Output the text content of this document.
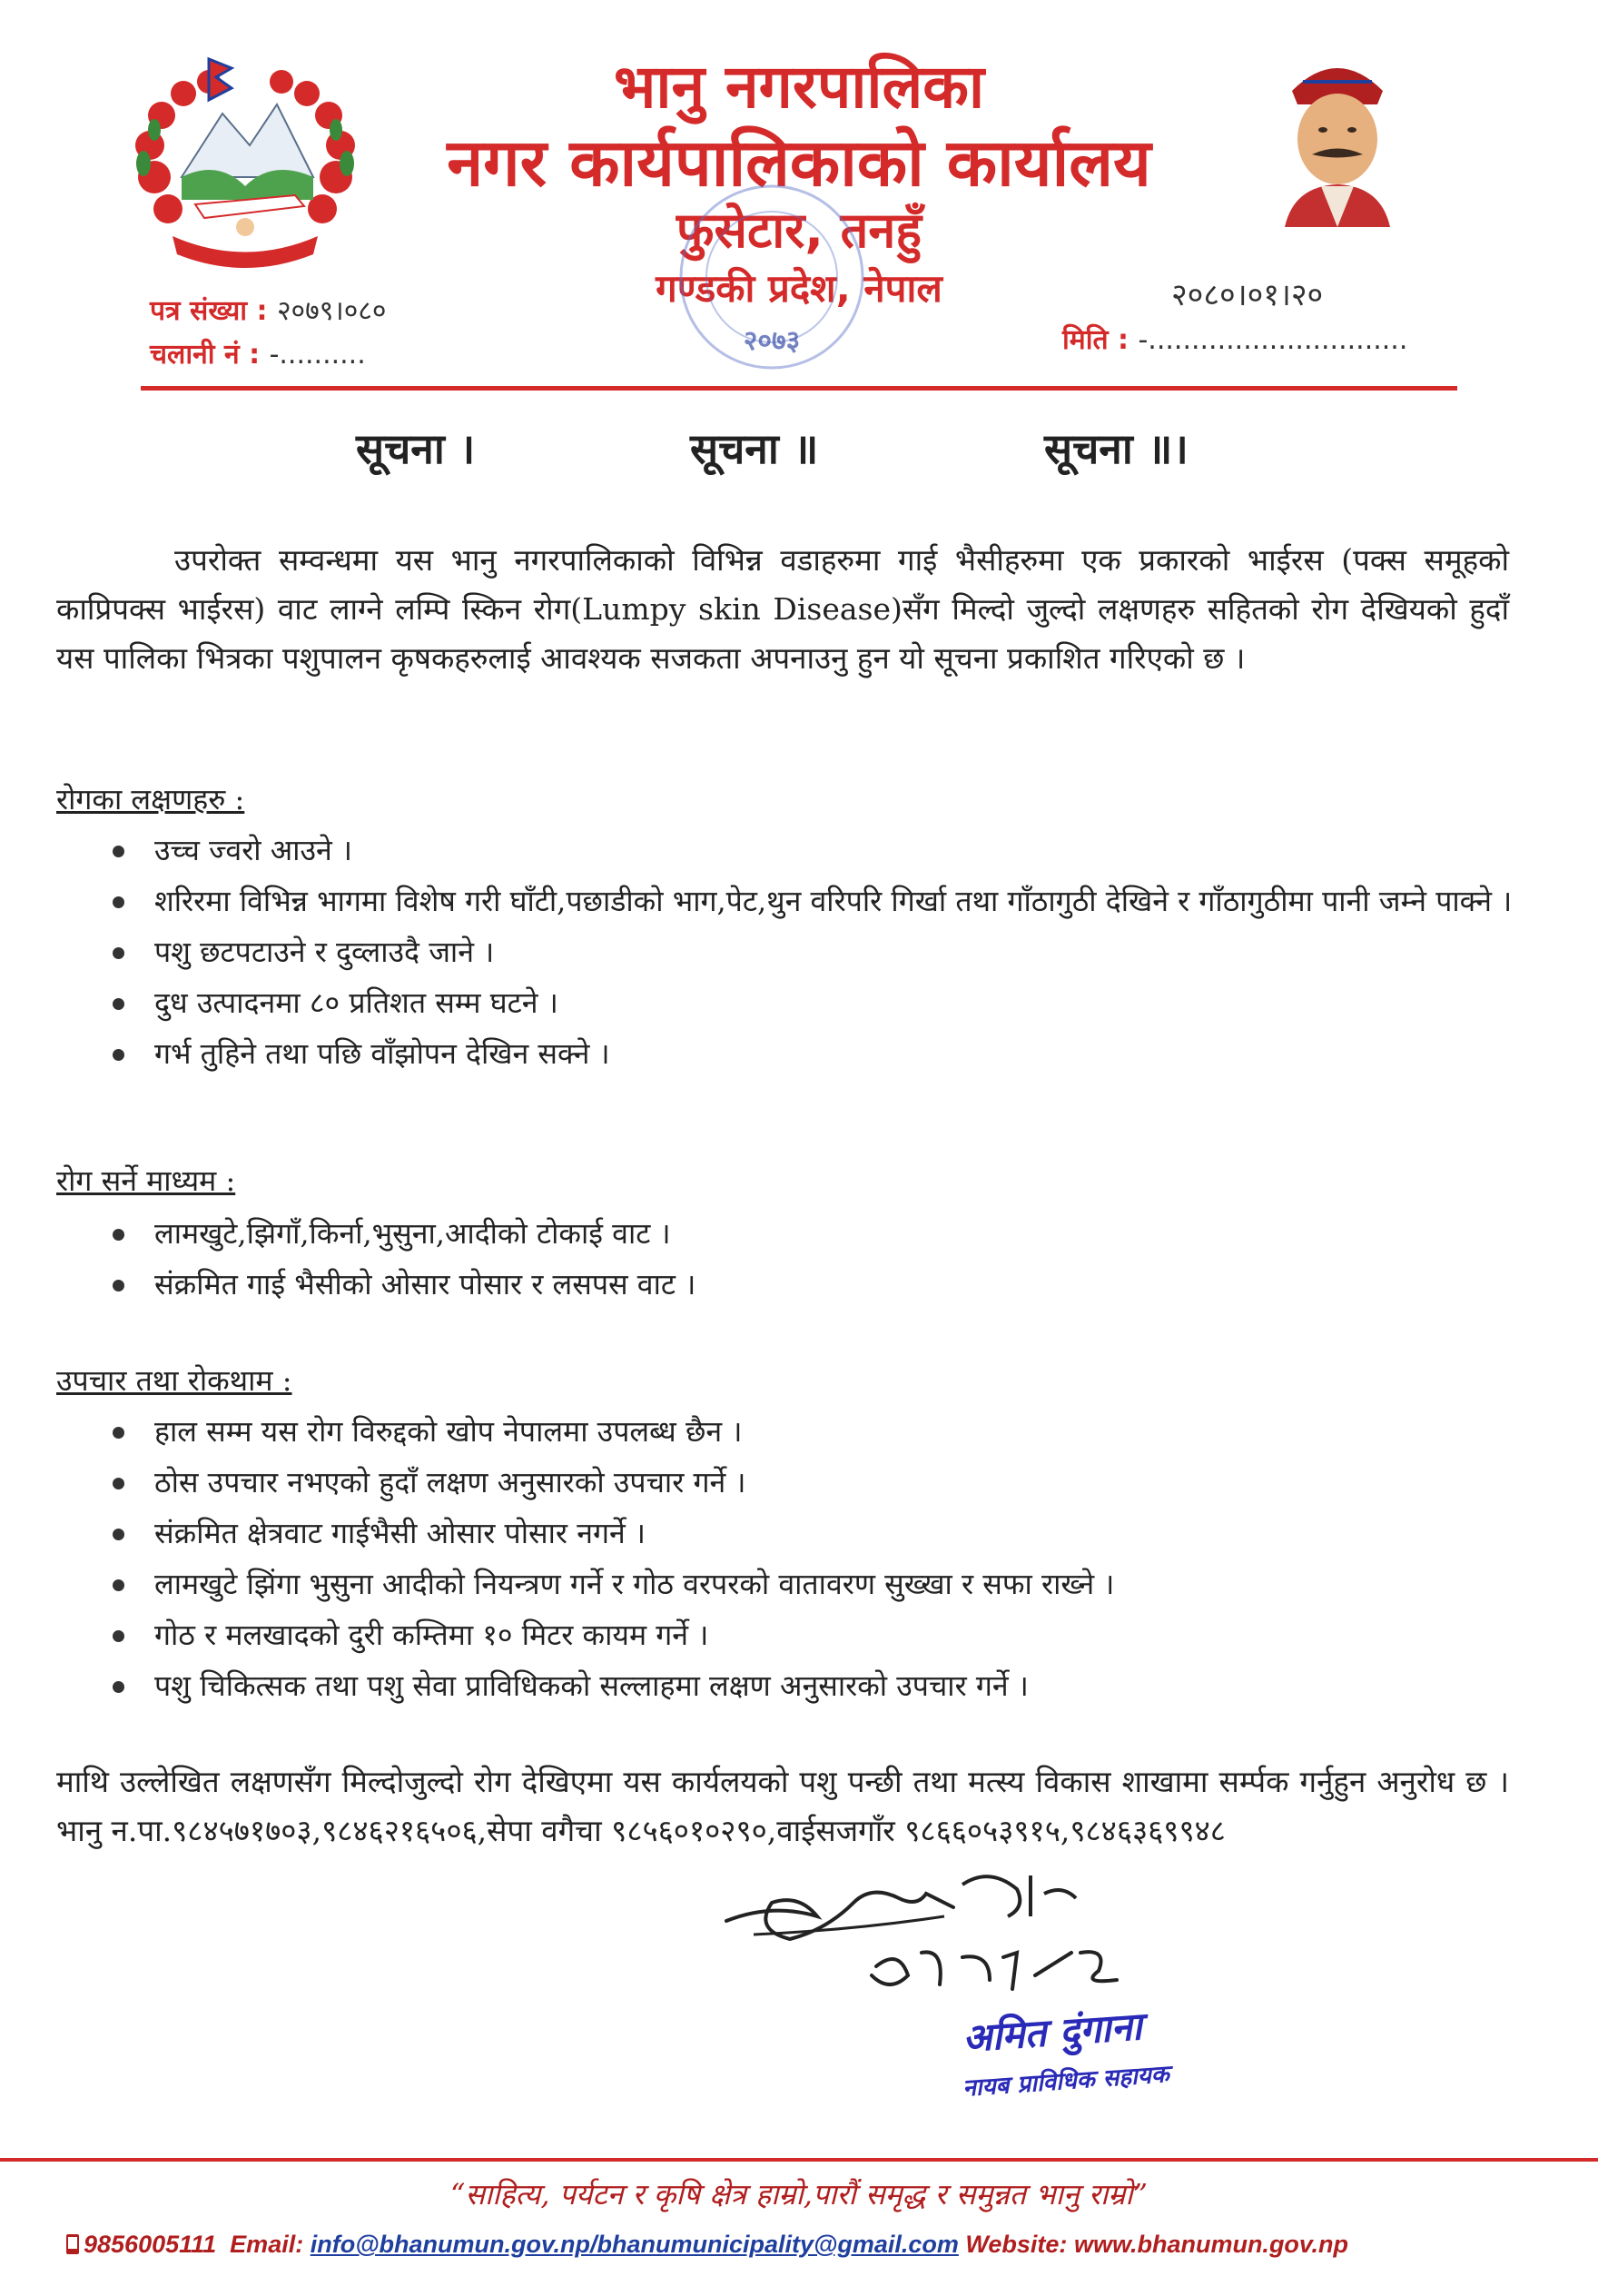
भानु नगरपालिका
नगर कार्यपालिकाको कार्यालय
फुसेटार, तनहुँ
गण्डकी प्रदेश, नेपाल
२०७३
पत्र संख्या : २०७९।०८०
चलानी नं : -..........
२०८०।०१।२०
मिति : -..............................
सूचना ।	सूचना ॥	सूचना ॥।
उपरोक्त सम्वन्धमा यस भानु नगरपालिकाको विभिन्न वडाहरुमा गाई भैसीहरुमा एक प्रकारको भाईरस (पक्स समूहको काप्रिपक्स भाईरस) वाट लाग्ने लम्पि स्किन रोग(Lumpy skin Disease)सँग मिल्दो जुल्दो लक्षणहरु सहितको रोग देखियको हुदाँ यस पालिका भित्रका पशुपालन कृषकहरुलाई आवश्यक सजकता अपनाउनु हुन यो सूचना प्रकाशित गरिएको छ ।
रोगका लक्षणहरु :
उच्च ज्वरो आउने ।
शरिरमा विभिन्न भागमा विशेष गरी घाँटी,पछाडीको भाग,पेट,थुन वरिपरि गिर्खा तथा गाँठागुठी देखिने र गाँठागुठीमा पानी जम्ने पाक्ने ।
पशु छटपटाउने र दुव्लाउदै जाने ।
दुध उत्पादनमा ८० प्रतिशत सम्म घटने ।
गर्भ तुहिने तथा पछि वाँझोपन देखिन सक्ने ।
रोग सर्ने माध्यम :
लामखुटे,झिगाँ,किर्ना,भुसुना,आदीको टोकाई वाट ।
संक्रमित गाई भैसीको ओसार पोसार र लसपस वाट ।
उपचार तथा रोकथाम :
हाल सम्म यस रोग विरुद्दको खोप नेपालमा उपलब्ध छैन ।
ठोस उपचार नभएको हुदाँ लक्षण अनुसारको उपचार गर्ने ।
संक्रमित क्षेत्रवाट गाईभैसी ओसार पोसार नगर्ने ।
लामखुटे झिंगा भुसुना आदीको नियन्त्रण गर्ने र गोठ वरपरको वातावरण सुख्खा र सफा राख्ने ।
गोठ र मलखादको दुरी कम्तिमा १० मिटर कायम गर्ने ।
पशु चिकित्सक तथा पशु सेवा प्राविधिकको सल्लाहमा लक्षण अनुसारको उपचार गर्ने ।
माथि उल्लेखित लक्षणसँग मिल्दोजुल्दो रोग देखिएमा यस कार्यलयको पशु पन्छी तथा मत्स्य विकास शाखामा सर्म्पक गर्नुहुन अनुरोध छ । भानु न.पा.९८४५७१७०३,९८४६२१६५०६,सेपा वगैचा ९८५६०१०२९०,वाईसजगाँर ९८६६०५३९१५,९८४६३६९९४८
अमित दुंगाना
नायब प्राविधिक सहायक
“साहित्य, पर्यटन र कृषि क्षेत्र हाम्रो,पारौं समृद्ध र समुन्नत भानु राम्रो”
9856005111 Email: info@bhanumun.gov.np/bhanumunicipality@gmail.com Website: www.bhanumun.gov.np
